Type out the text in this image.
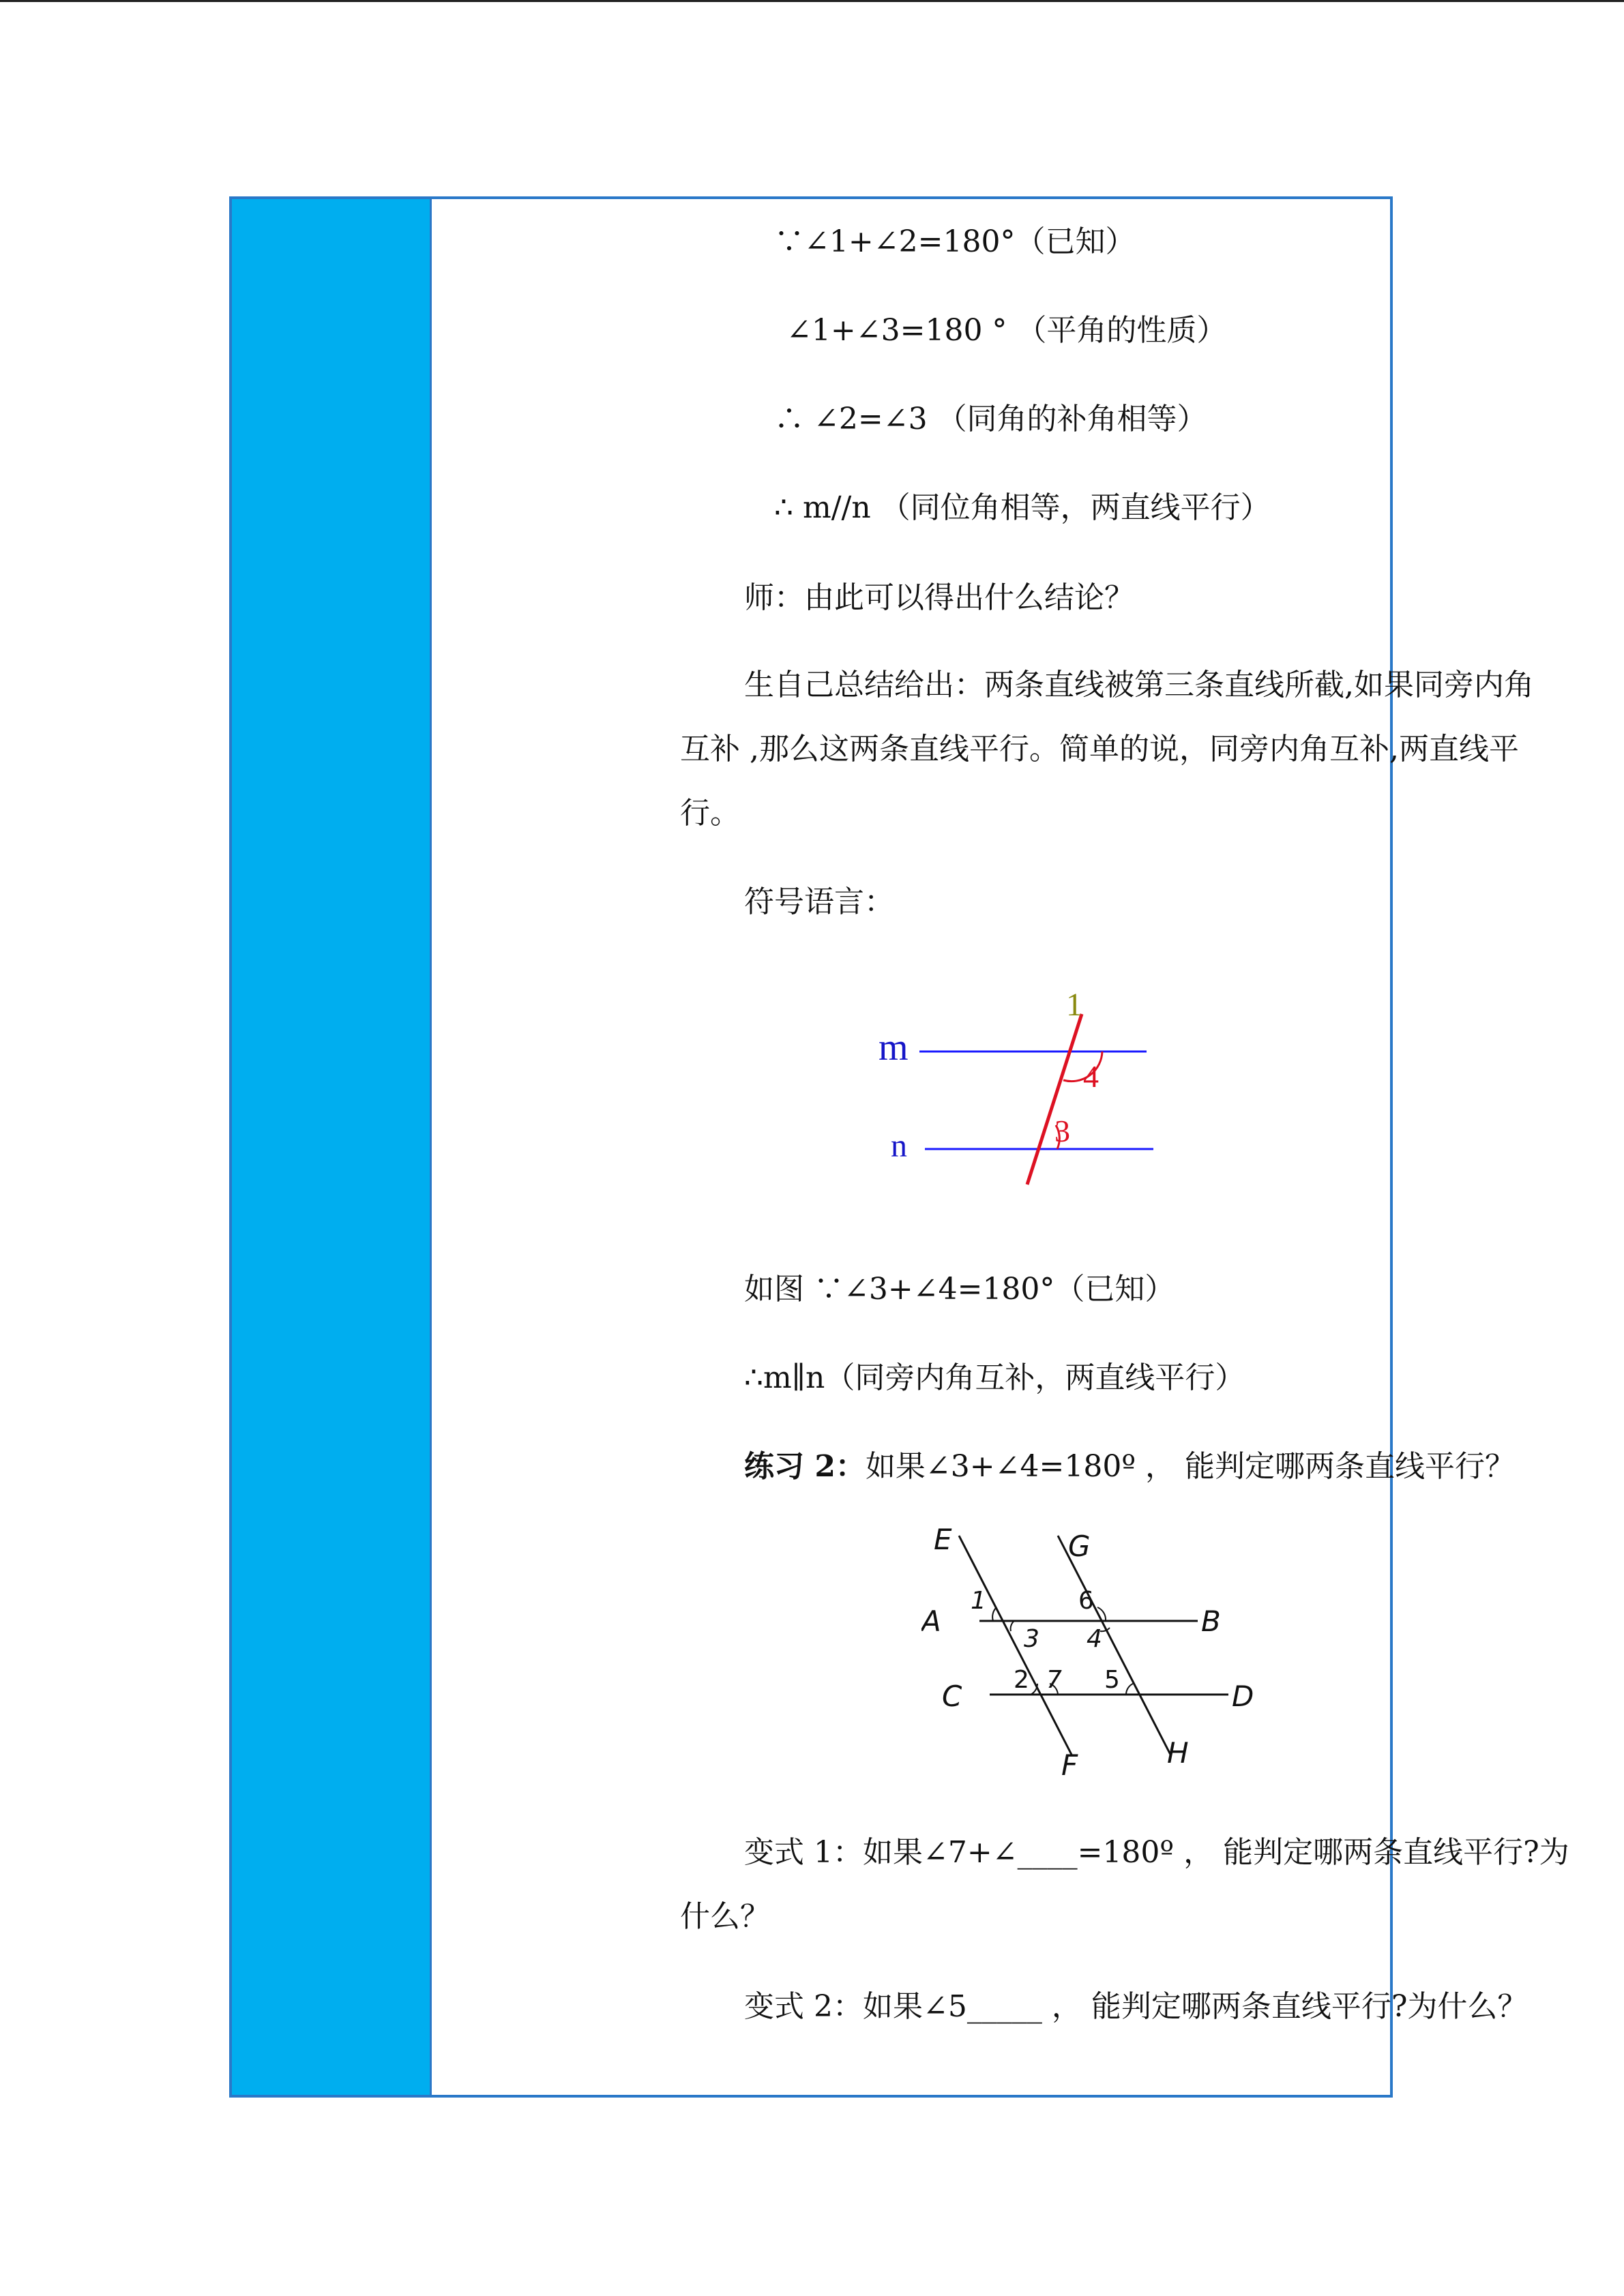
∵∠1+∠2=180°（已知）
∠1+∠3=180 ° （平角的性质）
∴ ∠2=∠3 （同角的补角相等）
∴ m//n （同位角相等，两直线平行）
师：由此可以得出什么结论？
生自己总结给出：两条直线被第三条直线所截,如果同旁内角
互补 ,那么这两条直线平行。简单的说，同旁内角互补,两直线平
行。
符号语言：
1
m
4
3
n
如图 ∵∠3+∠4=180°（已知）
∴m∥n（同旁内角互补，两直线平行）
练习 2：如果∠3+∠4=180º ， 能判定哪两条直线平行？
E	G
A	B
C	D
F	H
1
3 4
6
2 7 5
变式 1：如果∠7+∠____=180º ， 能判定哪两条直线平行?为
什么？
变式 2：如果∠5_____ ， 能判定哪两条直线平行?为什么？
